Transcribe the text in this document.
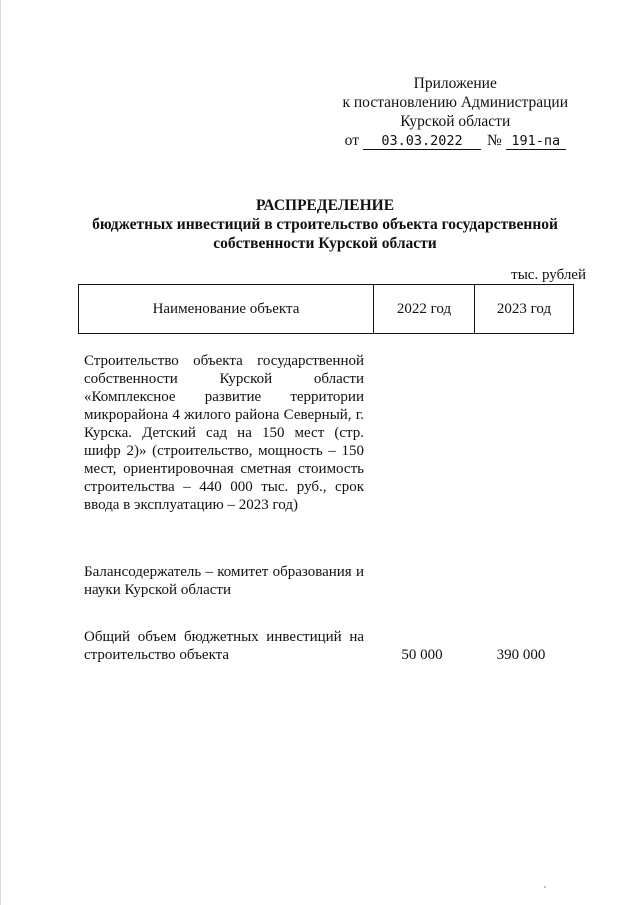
Приложение
к постановлению Администрации
Курской области
от	03.03.2022	№ 191-па
РАСПРЕДЕЛЕНИЕ
бюджетных инвестиций в строительство объекта государственной
собственности Курской области
тыс. рублей
Наименование объекта	2022 год	2023 год
Строительство объекта государственной собственности Курской области «Комплексное развитие территории микрорайона 4 жилого района Северный, г. Курска. Детский сад на 150 мест (стр. шифр 2)» (строительство, мощность – 150 мест, ориентировочная сметная стоимость строительства – 440 000 тыс. руб., срок ввода в эксплуатацию – 2023 год)
Балансодержатель – комитет образования и науки Курской области
Общий объем бюджетных инвестиций на строительство объекта	50 000	390 000
